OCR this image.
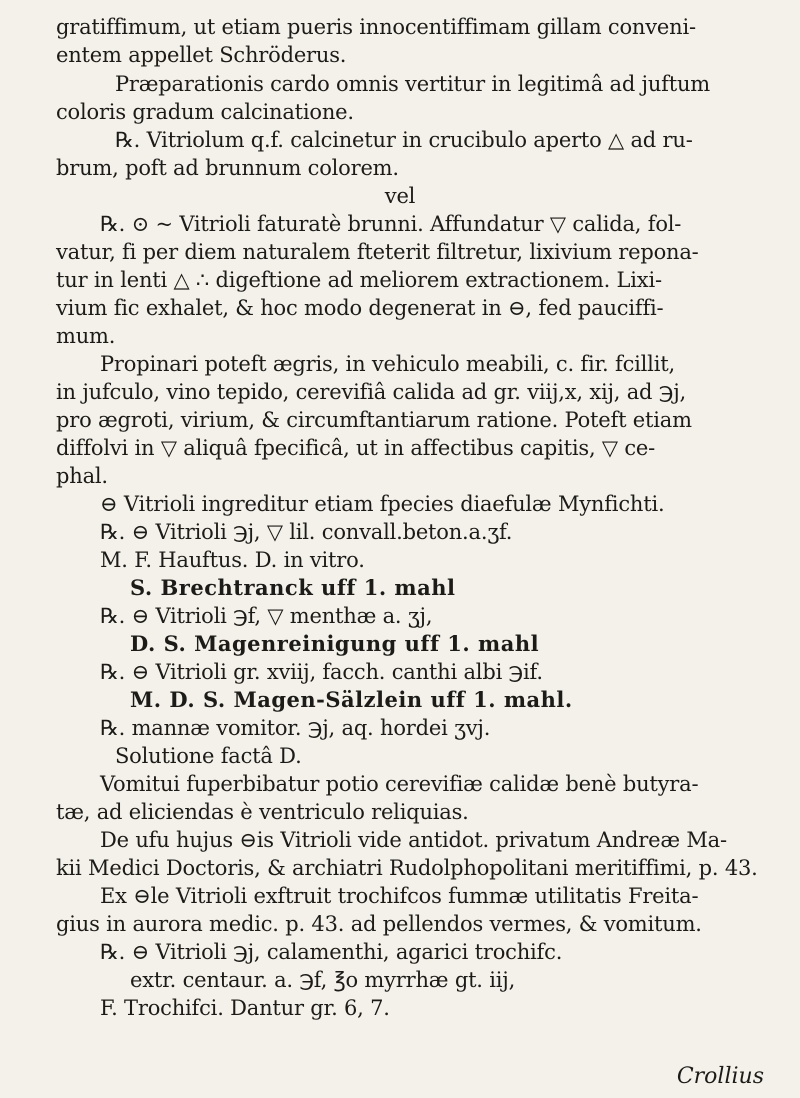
gratiffimum, ut etiam pueris innocentiffimam gillam conveni-
entem appellet Schröderus.
Præparationis cardo omnis vertitur in legitimâ ad juftum
coloris gradum calcinatione.
℞. Vitriolum q.f. calcinetur in crucibulo aperto △ ad ru-
brum, poft ad brunnum colorem.
vel
℞. ⊙ ~ Vitrioli faturatè brunni. Affundatur ▽ calida, fol-
vatur, fi per diem naturalem fteterit filtretur, lixivium repona-
tur in lenti △ ∴ digeftione ad meliorem extractionem. Lixi-
vium fic exhalet, & hoc modo degenerat in ⊖, fed pauciffi-
mum.
Propinari poteft ægris, in vehiculo meabili, c. fir. fcillit,
in jufculo, vino tepido, cerevifiâ calida ad gr. viij,x, xij, ad ℈j,
pro ægroti, virium, & circumftantiarum ratione. Poteft etiam
diffolvi in ▽ aliquâ fpecificâ, ut in affectibus capitis, ▽ ce-
phal.
⊖ Vitrioli ingreditur etiam fpecies diaefulæ Mynfichti.
℞. ⊖ Vitrioli ℈j, ▽ lil. convall.beton.a.ʒf.
M. F. Hauftus. D. in vitro.
S. Brechtranck uff 1. mahl
℞. ⊖ Vitrioli ℈f, ▽ menthæ a. ʒj,
D. S. Magenreinigung uff 1. mahl
℞. ⊖ Vitrioli gr. xviij, facch. canthi albi ℈if.
M. D. S. Magen-Sälzlein uff 1. mahl.
℞. mannæ vomitor. ℈j, aq. hordei ʒvj.
Solutione factâ D.
Vomitui fuperbibatur potio cerevifiæ calidæ benè butyra-
tæ, ad eliciendas è ventriculo reliquias.
De ufu hujus ⊖is Vitrioli vide antidot. privatum Andreæ Ma-
kii Medici Doctoris, & archiatri Rudolphopolitani meritiffimi, p. 43.
Ex ⊖le Vitrioli exftruit trochifcos fummæ utilitatis Freita-
gius in aurora medic. p. 43. ad pellendos vermes, & vomitum.
℞. ⊖ Vitrioli ℈j, calamenthi, agarici trochifc.
extr. centaur. a. ℈f, ℥o myrrhæ gt. iij,
F. Trochifci. Dantur gr. 6, 7.
Crollius
